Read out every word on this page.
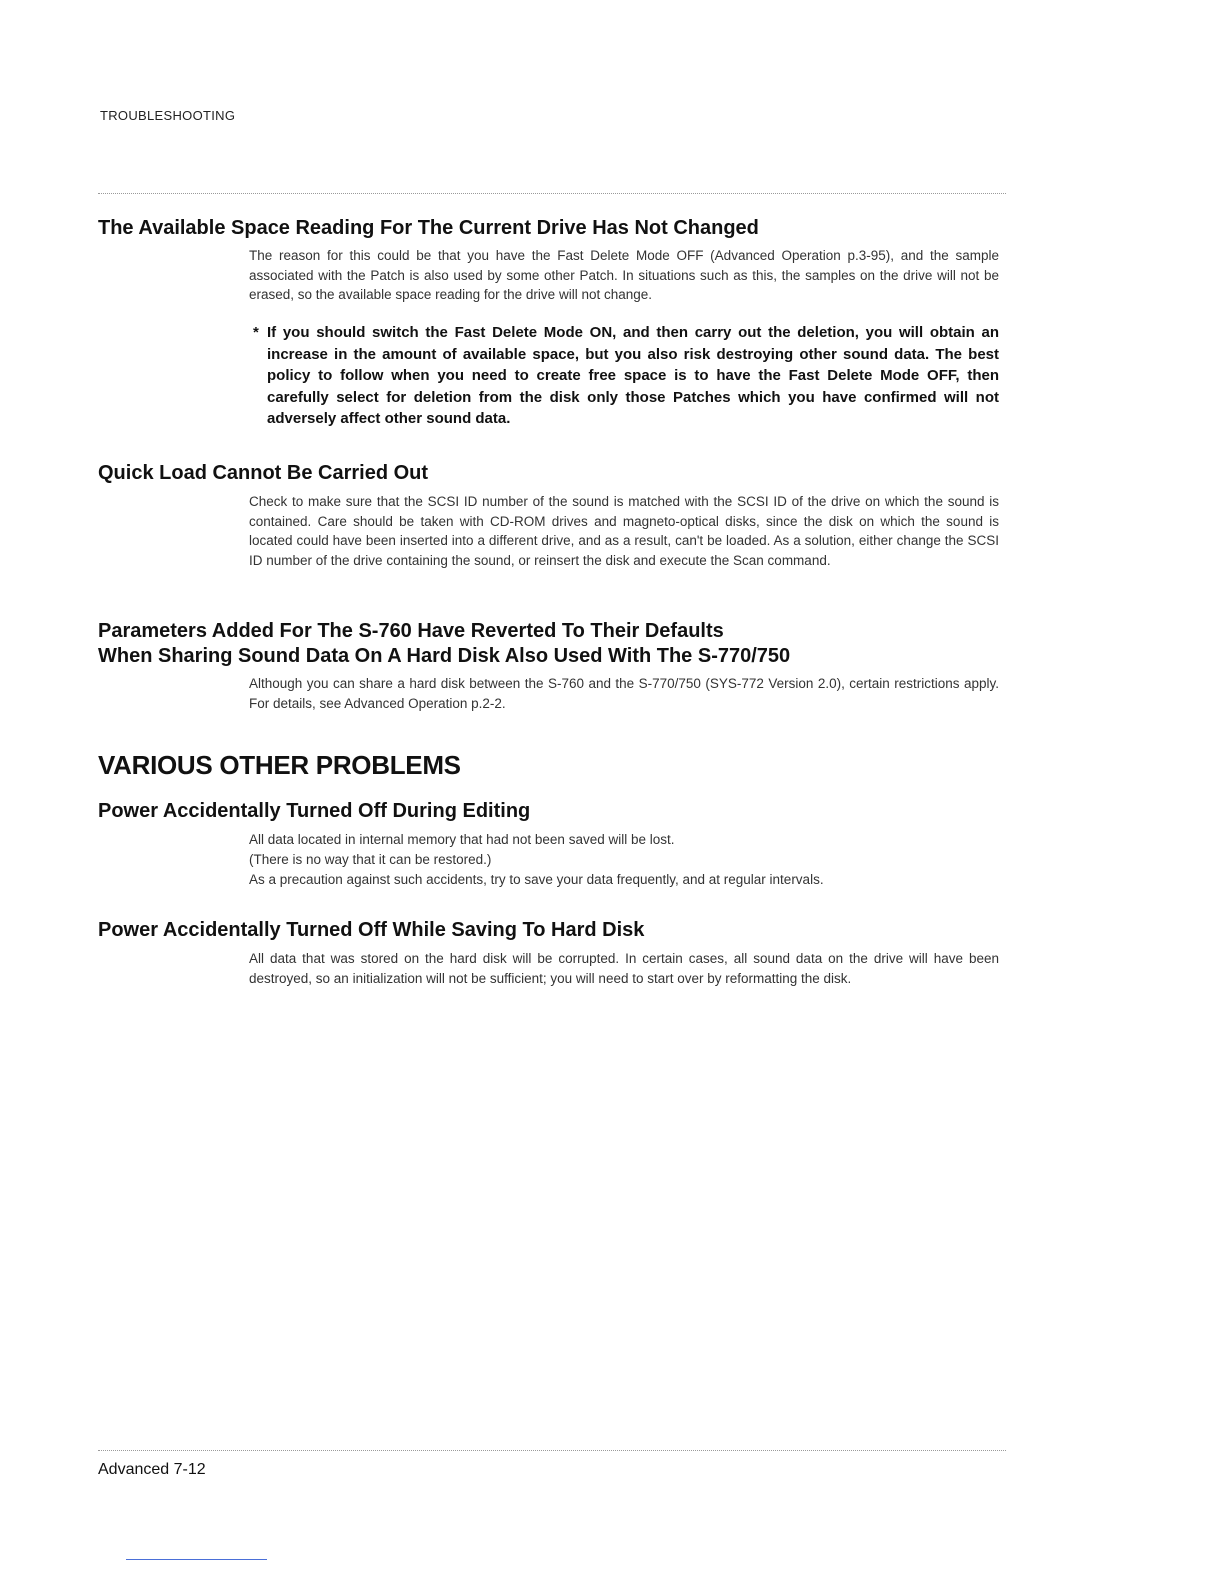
TROUBLESHOOTING
The Available Space Reading For The Current Drive Has Not Changed

The reason for this could be that you have the Fast Delete Mode OFF (Advanced Operation p.3-95), and the sample associated with the Patch is also used by some other Patch. In situations such as this, the samples on the drive will not be erased, so the available space reading for the drive will not change.

* If you should switch the Fast Delete Mode ON, and then carry out the deletion, you will obtain an increase in the amount of available space, but you also risk destroying other sound data. The best policy to follow when you need to create free space is to have the Fast Delete Mode OFF, then carefully select for deletion from the disk only those Patches which you have confirmed will not adversely affect other sound data.
Quick Load Cannot Be Carried Out

Check to make sure that the SCSI ID number of the sound is matched with the SCSI ID of the drive on which the sound is contained. Care should be taken with CD-ROM drives and magneto-optical disks, since the disk on which the sound is located could have been inserted into a different drive, and as a result, can't be loaded. As a solution, either change the SCSI ID number of the drive containing the sound, or reinsert the disk and execute the Scan command.

Parameters Added For The S-760 Have Reverted To Their Defaults
When Sharing Sound Data On A Hard Disk Also Used With The S-770/750

Although you can share a hard disk between the S-760 and the S-770/750 (SYS-772 Version 2.0), certain restrictions apply. For details, see Advanced Operation p.2-2.

VARIOUS OTHER PROBLEMS
Power Accidentally Turned Off During Editing

All data located in internal memory that had not been saved will be lost.

(There is no way that it can be restored.)

As a precaution against such accidents, try to save your data frequently, and at regular intervals.

Power Accidentally Turned Off While Saving To Hard Disk

All data that was stored on the hard disk will be corrupted. In certain cases, all sound data on the drive will have been destroyed, so an initialization will not be sufficient; you will need to start over by reformatting the disk.

Advanced 7-12
